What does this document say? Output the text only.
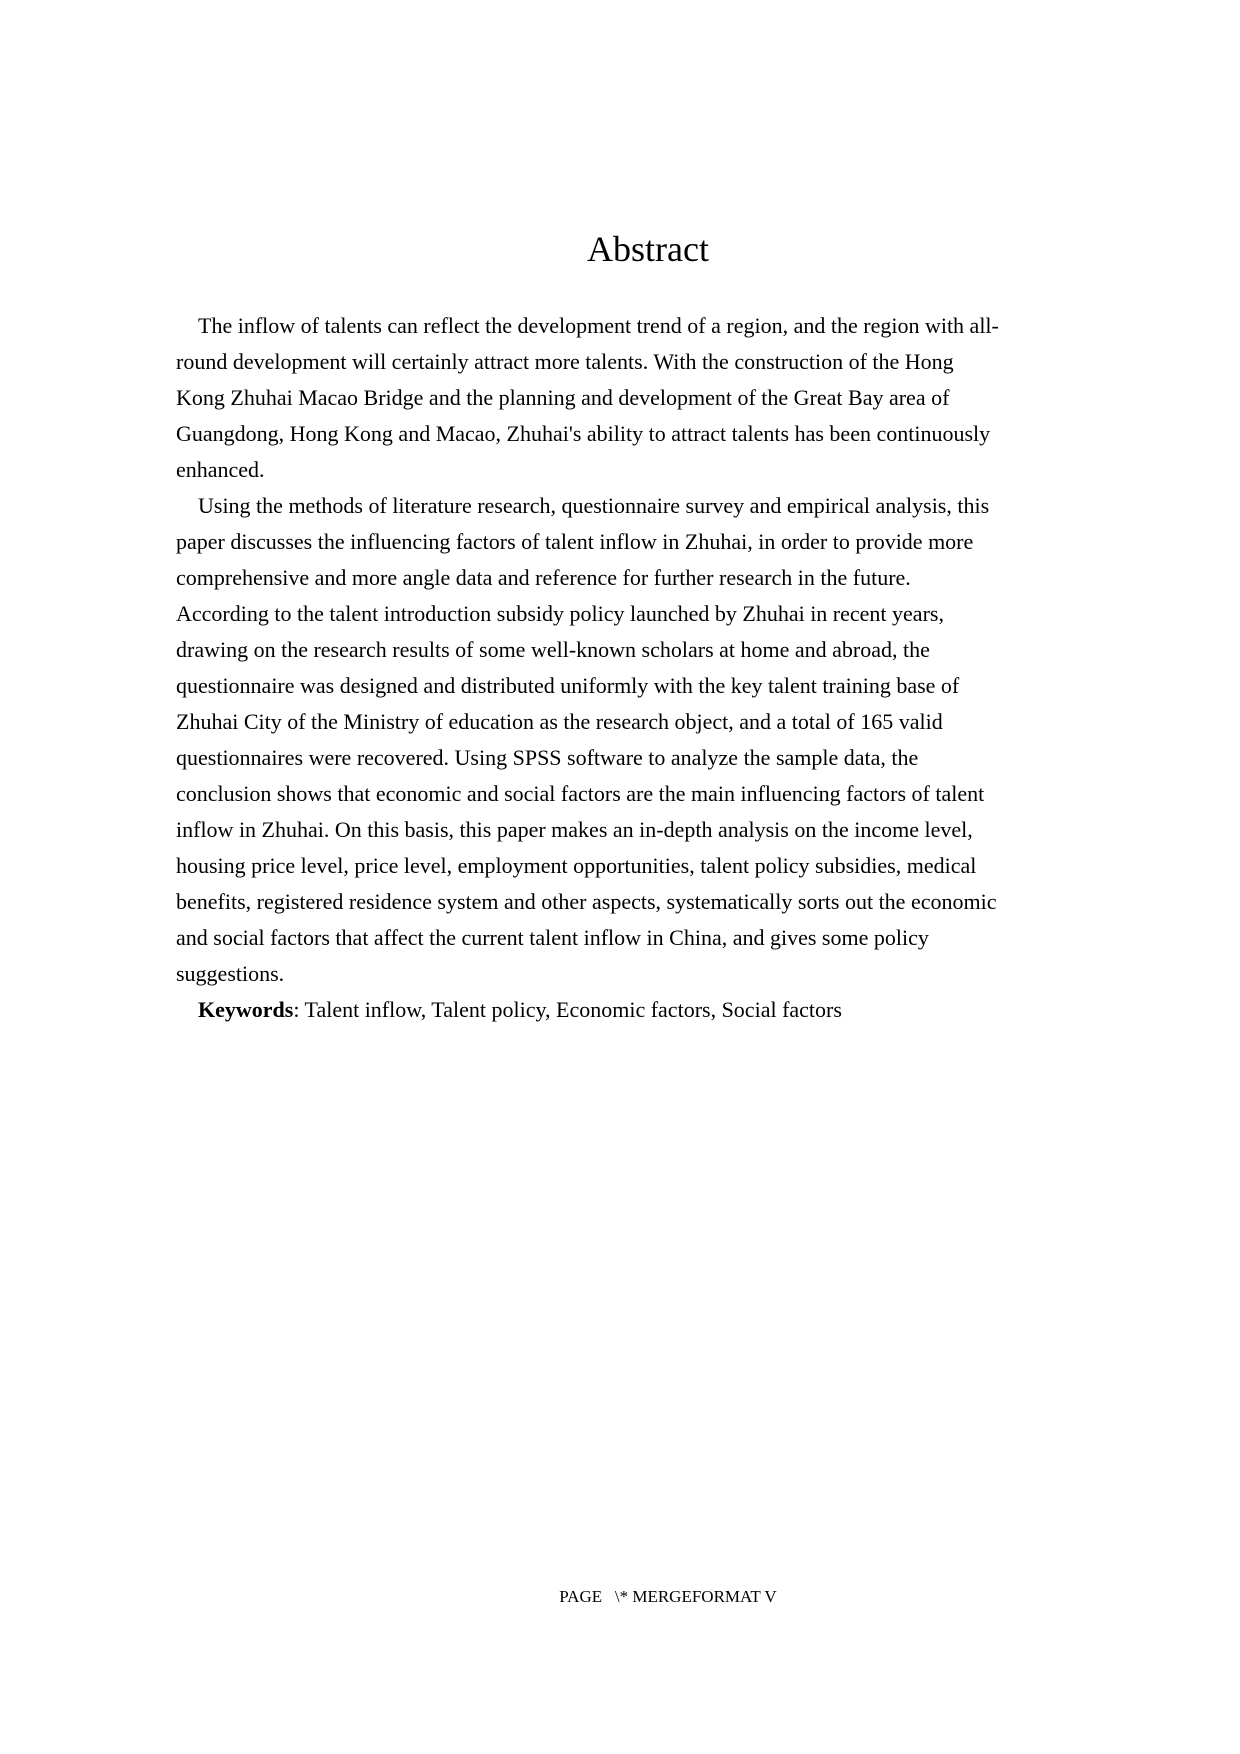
Abstract
The inflow of talents can reflect the development trend of a region, and the region with all-
round development will certainly attract more talents. With the construction of the Hong
Kong Zhuhai Macao Bridge and the planning and development of the Great Bay area of
Guangdong, Hong Kong and Macao, Zhuhai's ability to attract talents has been continuously
enhanced.
Using the methods of literature research, questionnaire survey and empirical analysis, this
paper discusses the influencing factors of talent inflow in Zhuhai, in order to provide more
comprehensive and more angle data and reference for further research in the future.
According to the talent introduction subsidy policy launched by Zhuhai in recent years,
drawing on the research results of some well-known scholars at home and abroad, the
questionnaire was designed and distributed uniformly with the key talent training base of
Zhuhai City of the Ministry of education as the research object, and a total of 165 valid
questionnaires were recovered. Using SPSS software to analyze the sample data, the
conclusion shows that economic and social factors are the main influencing factors of talent
inflow in Zhuhai. On this basis, this paper makes an in-depth analysis on the income level,
housing price level, price level, employment opportunities, talent policy subsidies, medical
benefits, registered residence system and other aspects, systematically sorts out the economic
and social factors that affect the current talent inflow in China, and gives some policy
suggestions.
Keywords: Talent inflow, Talent policy, Economic factors, Social factors
PAGE   \* MERGEFORMAT V
